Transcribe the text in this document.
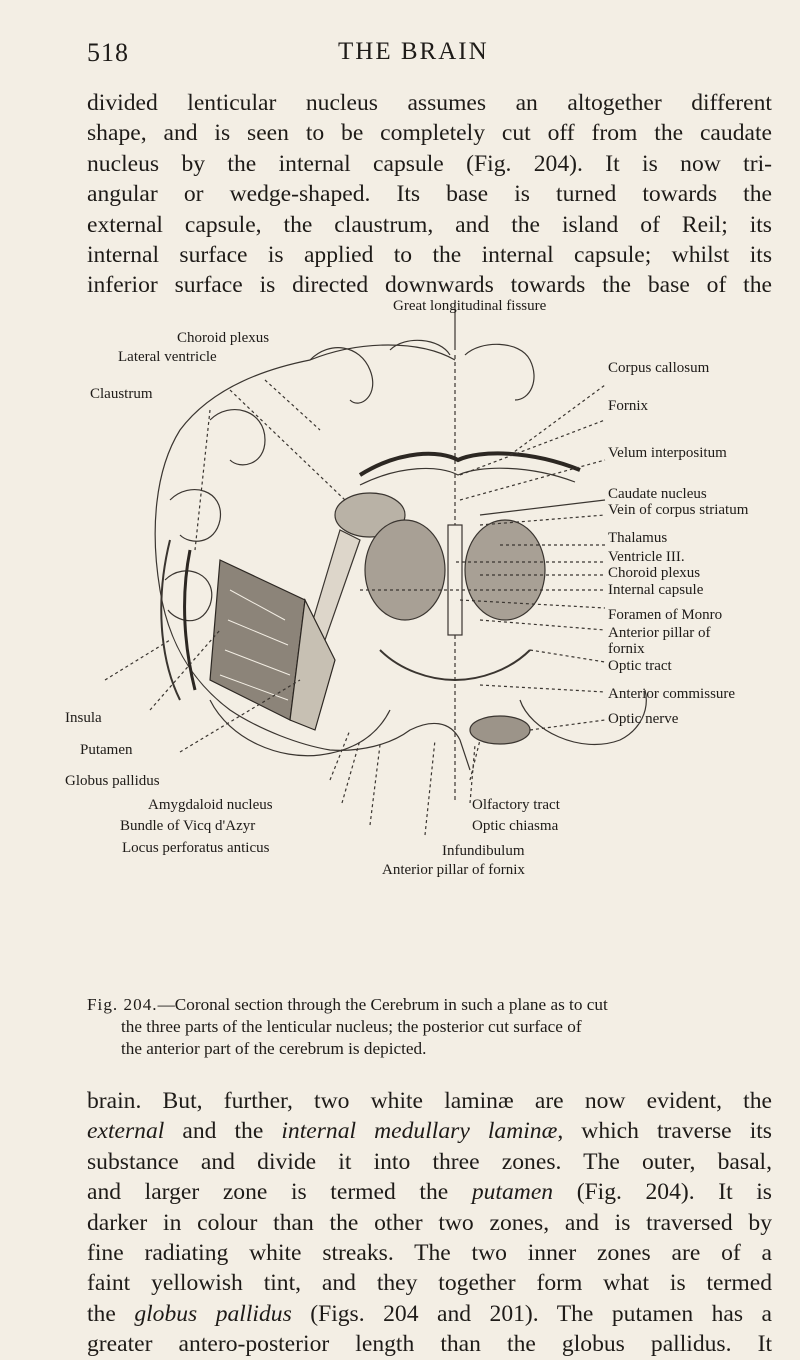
518	THE BRAIN
divided lenticular nucleus assumes an altogether different
shape, and is seen to be completely cut off from the caudate
nucleus by the internal capsule (Fig. 204). It is now tri-
angular or wedge-shaped. Its base is turned towards the
external capsule, the claustrum, and the island of Reil; its
internal surface is applied to the internal capsule; whilst its
inferior surface is directed downwards towards the base of the
Great longitudinal fissure
Choroid plexus
Lateral ventricle
Claustrum
Corpus callosum
Fornix
Velum interpositum
Caudate nucleus
Vein of corpus striatum
Thalamus
Ventricle III.
Choroid plexus
Internal capsule
Foramen of Monro
Anterior pillar of
fornix
Optic tract
Anterior commissure
Optic nerve
Insula
Putamen
Globus pallidus
Amygdaloid nucleus
Bundle of Vicq d'Azyr
Locus perforatus anticus
Olfactory tract
Optic chiasma
Infundibulum
Anterior pillar of fornix
Fig. 204.—Coronal section through the Cerebrum in such a plane as to cut
the three parts of the lenticular nucleus; the posterior cut surface of
the anterior part of the cerebrum is depicted.
brain. But, further, two white laminæ are now evident, the
external and the internal medullary laminæ, which traverse its
substance and divide it into three zones. The outer, basal,
and larger zone is termed the putamen (Fig. 204). It is
darker in colour than the other two zones, and is traversed by
fine radiating white streaks. The two inner zones are of a
faint yellowish tint, and they together form what is termed
the globus pallidus (Figs. 204 and 201). The putamen has a
greater antero-posterior length than the globus pallidus. It
